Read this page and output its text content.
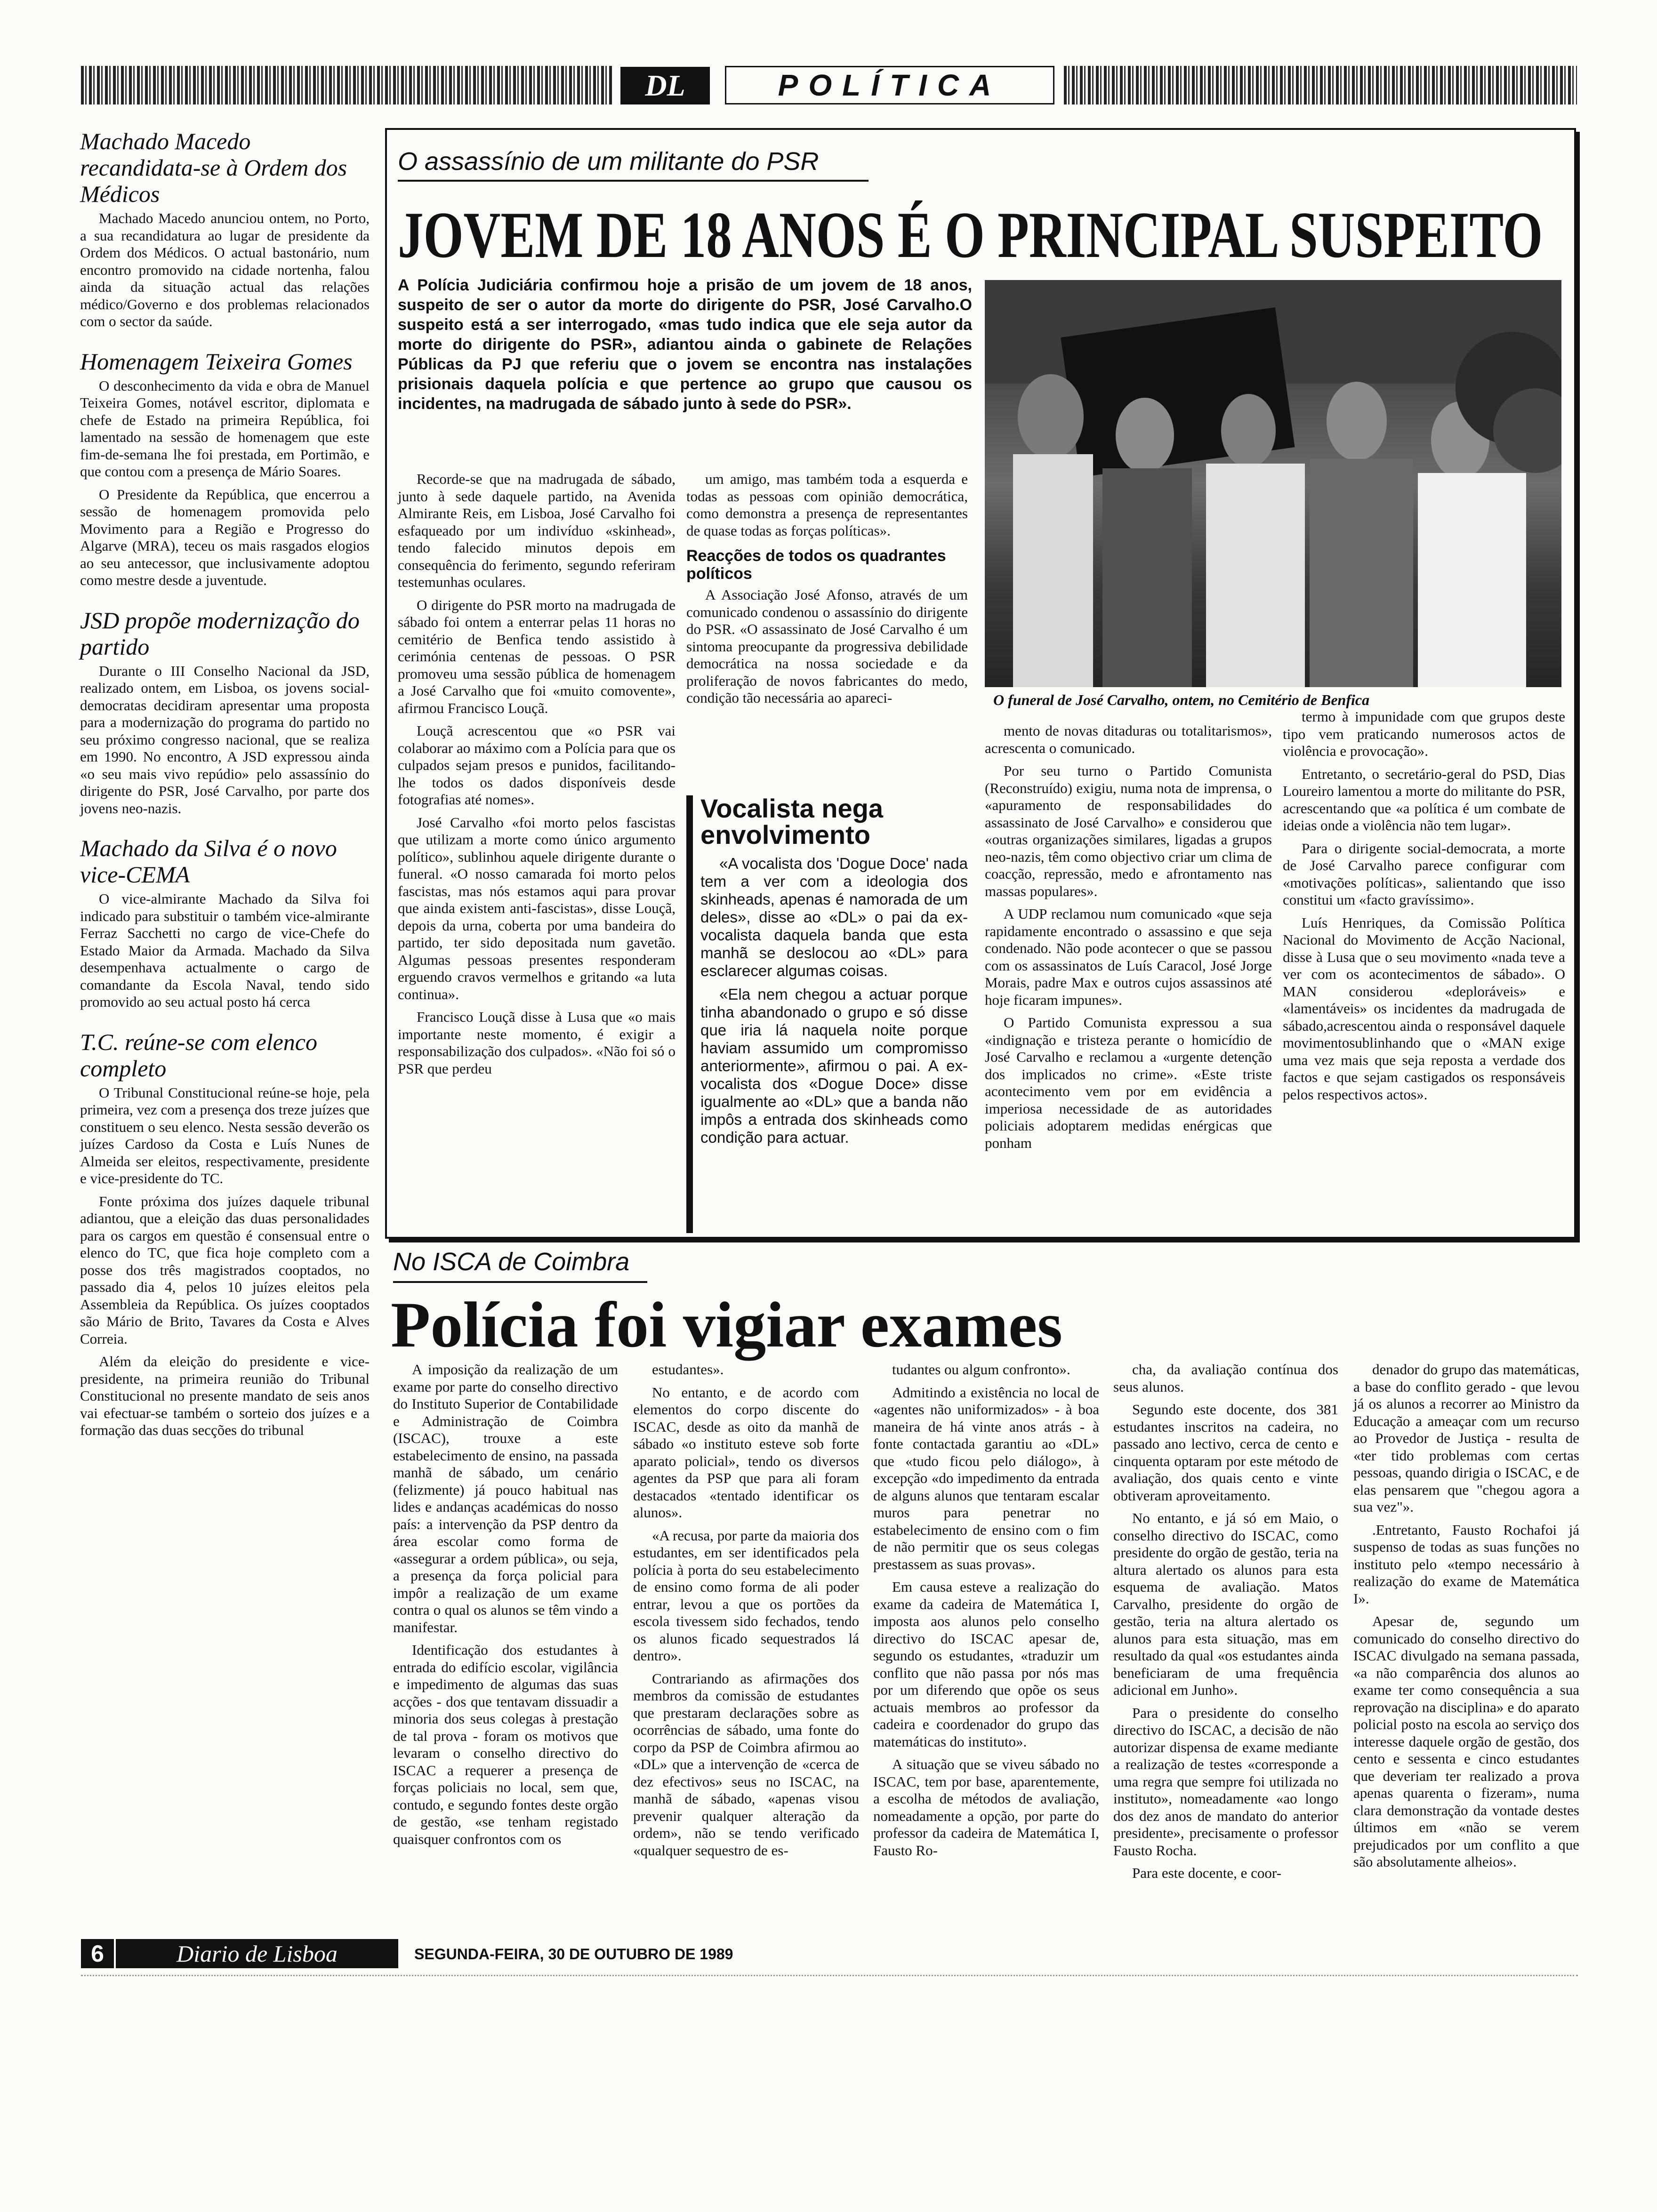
DL	POLÍTICA
Machado Macedo recandidata-se à Ordem dos Médicos

Machado Macedo anunciou ontem, no Porto, a sua recandidatura ao lugar de presidente da Ordem dos Médicos. O actual bastonário, num encontro promovido na cidade nortenha, falou ainda da situação actual das relações médico/Governo e dos problemas relacionados com o sector da saúde.

Homenagem Teixeira Gomes

O desconhecimento da vida e obra de Manuel Teixeira Gomes, notável escritor, diplomata e chefe de Estado na primeira República, foi lamentado na sessão de homenagem que este fim-de-semana lhe foi prestada, em Portimão, e que contou com a presença de Mário Soares.

O Presidente da República, que encerrou a sessão de homenagem promovida pelo Movimento para a Região e Progresso do Algarve (MRA), teceu os mais rasgados elogios ao seu antecessor, que inclusivamente adoptou como mestre desde a juventude.

JSD propõe modernização do partido

Durante o III Conselho Nacional da JSD, realizado ontem, em Lisboa, os jovens social-democratas decidiram apresentar uma proposta para a modernização do programa do partido no seu próximo congresso nacional, que se realiza em 1990. No encontro, A JSD expressou ainda «o seu mais vivo repúdio» pelo assassínio do dirigente do PSR, José Carvalho, por parte dos jovens neo-nazis.

Machado da Silva é o novo vice-CEMA

O vice-almirante Machado da Silva foi indicado para substituir o também vice-almirante Ferraz Sacchetti no cargo de vice-Chefe do Estado Maior da Armada. Machado da Silva desempenhava actualmente o cargo de comandante da Escola Naval, tendo sido promovido ao seu actual posto há cerca

T.C. reúne-se com elenco completo

O Tribunal Constitucional reúne-se hoje, pela primeira, vez com a presença dos treze juízes que constituem o seu elenco. Nesta sessão deverão os juízes Cardoso da Costa e Luís Nunes de Almeida ser eleitos, respectivamente, presidente e vice-presidente do TC.

Fonte próxima dos juízes daquele tribunal adiantou, que a eleição das duas personalidades para os cargos em questão é consensual entre o elenco do TC, que fica hoje completo com a posse dos três magistrados cooptados, no passado dia 4, pelos 10 juízes eleitos pela Assembleia da República. Os juízes cooptados são Mário de Brito, Tavares da Costa e Alves Correia.

Além da eleição do presidente e vice-presidente, na primeira reunião do Tribunal Constitucional no presente mandato de seis anos vai efectuar-se também o sorteio dos juízes e a formação das duas secções do tribunal

O assassínio de um militante do PSR
JOVEM DE 18 ANOS É O PRINCIPAL SUSPEITO
A Polícia Judiciária confirmou hoje a prisão de um jovem de 18 anos, suspeito de ser o autor da morte do dirigente do PSR, José Carvalho.O suspeito está a ser interrogado, «mas tudo indica que ele seja autor da morte do dirigente do PSR», adiantou ainda o gabinete de Relações Públicas da PJ que referiu que o jovem se encontra nas instalações prisionais daquela polícia e que pertence ao grupo que causou os incidentes, na madrugada de sábado junto à sede do PSR».
O funeral de José Carvalho, ontem, no Cemitério de Benfica

Recorde-se que na madrugada de sábado, junto à sede daquele partido, na Avenida Almirante Reis, em Lisboa, José Carvalho foi esfaqueado por um indivíduo «skinhead», tendo falecido minutos depois em consequência do ferimento, segundo referiram testemunhas oculares.

O dirigente do PSR morto na madrugada de sábado foi ontem a enterrar pelas 11 horas no cemitério de Benfica tendo assistido à cerimónia centenas de pessoas. O PSR promoveu uma sessão pública de homenagem a José Carvalho que foi «muito comovente», afirmou Francisco Louçã.

Louçã acrescentou que «o PSR vai colaborar ao máximo com a Polícia para que os culpados sejam presos e punidos, facilitando-lhe todos os dados disponíveis desde fotografias até nomes».

José Carvalho «foi morto pelos fascistas que utilizam a morte como único argumento político», sublinhou aquele dirigente durante o funeral. «O nosso camarada foi morto pelos fascistas, mas nós estamos aqui para provar que ainda existem anti-fascistas», disse Louçã, depois da urna, coberta por uma bandeira do partido, ter sido depositada num gavetão. Algumas pessoas presentes responderam erguendo cravos vermelhos e gritando «a luta continua».

Francisco Louçã disse à Lusa que «o mais importante neste momento, é exigir a responsabilização dos culpados». «Não foi só o PSR que perdeu

um amigo, mas também toda a esquerda e todas as pessoas com opinião democrática, como demonstra a presença de representantes de quase todas as forças políticas».

Reacções de todos os quadrantes políticos

A Associação José Afonso, através de um comunicado condenou o assassínio do dirigente do PSR. «O assassinato de José Carvalho é um sintoma preocupante da progressiva debilidade democrática na nossa sociedade e da proliferação de novos fabricantes do medo, condição tão necessária ao apareci-

Vocalista nega envolvimento

«A vocalista dos 'Dogue Doce' nada tem a ver com a ideologia dos skinheads, apenas é namorada de um deles», disse ao «DL» o pai da ex-vocalista daquela banda que esta manhã se deslocou ao «DL» para esclarecer algumas coisas.

«Ela nem chegou a actuar porque tinha abandonado o grupo e só disse que iria lá naquela noite porque haviam assumido um compromisso anteriormente», afirmou o pai. A ex-vocalista dos «Dogue Doce» disse igualmente ao «DL» que a banda não impôs a entrada dos skinheads como condição para actuar.

mento de novas ditaduras ou totalitarismos», acrescenta o comunicado.

Por seu turno o Partido Comunista (Reconstruído) exigiu, numa nota de imprensa, o «apuramento de responsabilidades do assassinato de José Carvalho» e considerou que «outras organizações similares, ligadas a grupos neo-nazis, têm como objectivo criar um clima de coacção, repressão, medo e afrontamento nas massas populares».

A UDP reclamou num comunicado «que seja rapidamente encontrado o assassino e que seja condenado. Não pode acontecer o que se passou com os assassinatos de Luís Caracol, José Jorge Morais, padre Max e outros cujos assassinos até hoje ficaram impunes».

O Partido Comunista expressou a sua «indignação e tristeza perante o homicídio de José Carvalho e reclamou a «urgente detenção dos implicados no crime». «Este triste acontecimento vem por em evidência a imperiosa necessidade de as autoridades policiais adoptarem medidas enérgicas que ponham

termo à impunidade com que grupos deste tipo vem praticando numerosos actos de violência e provocação».

Entretanto, o secretário-geral do PSD, Dias Loureiro lamentou a morte do militante do PSR, acrescentando que «a política é um combate de ideias onde a violência não tem lugar».

Para o dirigente social-democrata, a morte de José Carvalho parece configurar com «motivações políticas», salientando que isso constitui um «facto gravíssimo».

Luís Henriques, da Comissão Política Nacional do Movimento de Acção Nacional, disse à Lusa que o seu movimento «nada teve a ver com os acontecimentos de sábado». O MAN considerou «deploráveis» e «lamentáveis» os incidentes da madrugada de sábado,acrescentou ainda o responsável daquele movimentosublinhando que o «MAN exige uma vez mais que seja reposta a verdade dos factos e que sejam castigados os responsáveis pelos respectivos actos».

No ISCA de Coimbra
Polícia foi vigiar exames

A imposição da realização de um exame por parte do conselho directivo do Instituto Superior de Contabilidade e Administração de Coimbra (ISCAC), trouxe a este estabelecimento de ensino, na passada manhã de sábado, um cenário (felizmente) já pouco habitual nas lides e andanças académicas do nosso país: a intervenção da PSP dentro da área escolar como forma de «assegurar a ordem pública», ou seja, a presença da força policial para impôr a realização de um exame contra o qual os alunos se têm vindo a manifestar.

Identificação dos estudantes à entrada do edifício escolar, vigilância e impedimento de algumas das suas acções - dos que tentavam dissuadir a minoria dos seus colegas à prestação de tal prova - foram os motivos que levaram o conselho directivo do ISCAC a requerer a presença de forças policiais no local, sem que, contudo, e segundo fontes deste orgão de gestão, «se tenham registado quaisquer confrontos com os

estudantes».

No entanto, e de acordo com elementos do corpo discente do ISCAC, desde as oito da manhã de sábado «o instituto esteve sob forte aparato policial», tendo os diversos agentes da PSP que para ali foram destacados «tentado identificar os alunos».

«A recusa, por parte da maioria dos estudantes, em ser identificados pela polícia à porta do seu estabelecimento de ensino como forma de ali poder entrar, levou a que os portões da escola tivessem sido fechados, tendo os alunos ficado sequestrados lá dentro».

Contrariando as afirmações dos membros da comissão de estudantes que prestaram declarações sobre as ocorrências de sábado, uma fonte do corpo da PSP de Coimbra afirmou ao «DL» que a intervenção de «cerca de dez efectivos» seus no ISCAC, na manhã de sábado, «apenas visou prevenir qualquer alteração da ordem», não se tendo verificado «qualquer sequestro de es-

tudantes ou algum confronto».

Admitindo a existência no local de «agentes não uniformizados» - à boa maneira de há vinte anos atrás - à fonte contactada garantiu ao «DL» que «tudo ficou pelo diálogo», à excepção «do impedimento da entrada de alguns alunos que tentaram escalar muros para penetrar no estabelecimento de ensino com o fim de não permitir que os seus colegas prestassem as suas provas».

Em causa esteve a realização do exame da cadeira de Matemática I, imposta aos alunos pelo conselho directivo do ISCAC apesar de, segundo os estudantes, «traduzir um conflito que não passa por nós mas por um diferendo que opõe os seus actuais membros ao professor da cadeira e coordenador do grupo das matemáticas do instituto».

A situação que se viveu sábado no ISCAC, tem por base, aparentemente, a escolha de métodos de avaliação, nomeadamente a opção, por parte do professor da cadeira de Matemática I, Fausto Ro-

cha, da avaliação contínua dos seus alunos.

Segundo este docente, dos 381 estudantes inscritos na cadeira, no passado ano lectivo, cerca de cento e cinquenta optaram por este método de avaliação, dos quais cento e vinte obtiveram aproveitamento.

No entanto, e já só em Maio, o conselho directivo do ISCAC, como presidente do orgão de gestão, teria na altura alertado os alunos para esta esquema de avaliação. Matos Carvalho, presidente do orgão de gestão, teria na altura alertado os alunos para esta situação, mas em resultado da qual «os estudantes ainda beneficiaram de uma frequência adicional em Junho».

Para o presidente do conselho directivo do ISCAC, a decisão de não autorizar dispensa de exame mediante a realização de testes «corresponde a uma regra que sempre foi utilizada no instituto», nomeadamente «ao longo dos dez anos de mandato do anterior presidente», precisamente o professor Fausto Rocha.

Para este docente, e coor-

denador do grupo das matemáticas, a base do conflito gerado - que levou já os alunos a recorrer ao Ministro da Educação a ameaçar com um recurso ao Provedor de Justiça - resulta de «ter tido problemas com certas pessoas, quando dirigia o ISCAC, e de elas pensarem que "chegou agora a sua vez"».

.Entretanto, Fausto Rochafoi já suspenso de todas as suas funções no instituto pelo «tempo necessário à realização do exame de Matemática I».

Apesar de, segundo um comunicado do conselho directivo do ISCAC divulgado na semana passada, «a não comparência dos alunos ao exame ter como consequência a sua reprovação na disciplina» e do aparato policial posto na escola ao serviço dos interesse daquele orgão de gestão, dos cento e sessenta e cinco estudantes que deveriam ter realizado a prova apenas quarenta o fizeram», numa clara demonstração da vontade destes últimos em «não se verem prejudicados por um conflito a que são absolutamente alheios».

6	Diario de Lisboa	SEGUNDA-FEIRA, 30 DE OUTUBRO DE 1989
